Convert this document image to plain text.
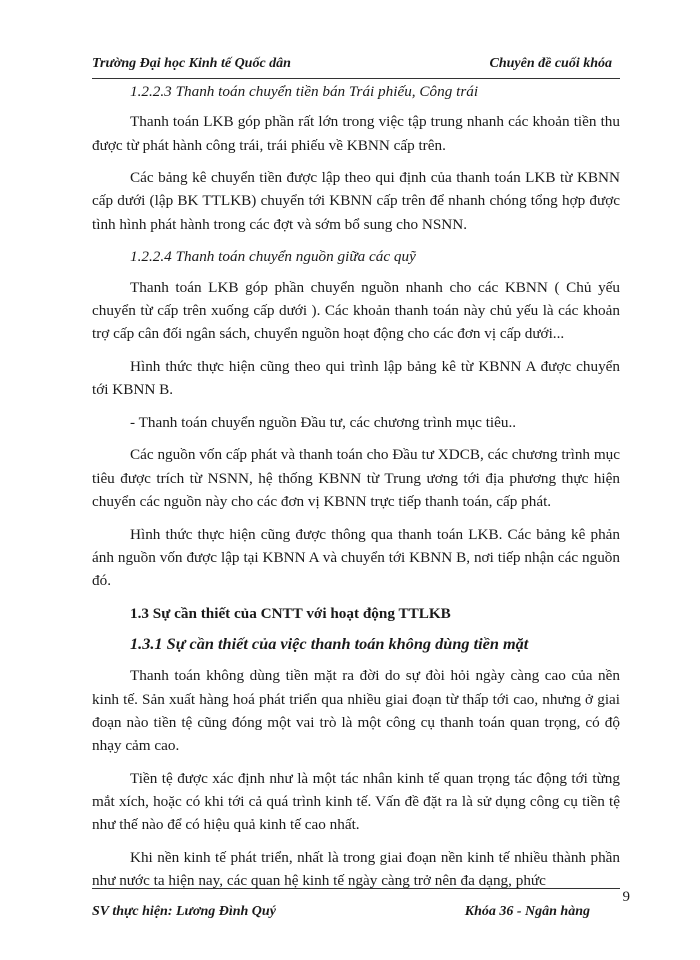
Trường Đại học Kinh tế Quốc dân	Chuyên đề cuối khóa

1.2.2.3 Thanh toán chuyển tiền bán Trái phiếu, Công trái

Thanh toán LKB góp phần rất lớn trong việc tập trung nhanh các khoản tiền thu được từ phát hành công trái, trái phiếu về KBNN cấp trên.

Các bảng kê chuyển tiền được lập theo qui định của thanh toán LKB từ KBNN cấp dưới (lập BK TTLKB) chuyển tới KBNN cấp trên để nhanh chóng tổng hợp được tình hình phát hành trong các đợt và sớm bổ sung cho NSNN.

1.2.2.4 Thanh toán chuyển nguồn giữa các quỹ

Thanh toán LKB góp phần chuyển nguồn nhanh cho các KBNN ( Chủ yếu chuyển từ cấp trên xuống cấp dưới ). Các khoản thanh toán này chủ yếu là các khoản trợ cấp cân đối ngân sách, chuyển nguồn hoạt động cho các đơn vị cấp dưới...

Hình thức thực hiện cũng theo qui trình lập bảng kê từ KBNN A được chuyển tới KBNN B.

- Thanh toán chuyển nguồn Đầu tư, các chương trình mục tiêu..

Các nguồn vốn cấp phát và thanh toán cho Đầu tư XDCB, các chương trình mục tiêu được trích từ NSNN, hệ thống KBNN từ Trung ương tới địa phương thực hiện chuyển các nguồn này cho các đơn vị KBNN trực tiếp thanh toán, cấp phát.

Hình thức thực hiện cũng được thông qua thanh toán LKB. Các bảng kê phản ánh nguồn vốn được lập tại KBNN A và chuyển tới KBNN B, nơi tiếp nhận các nguồn đó.

1.3 Sự cần thiết của CNTT với hoạt động TTLKB

1.3.1 Sự cần thiết của việc thanh toán không dùng tiền mặt

Thanh toán không dùng tiền mặt ra đời do sự đòi hỏi ngày càng cao của nền kinh tế. Sản xuất hàng hoá phát triển qua nhiều giai đoạn từ thấp tới cao, nhưng ở giai đoạn nào tiền tệ cũng đóng một vai trò là một công cụ thanh toán quan trọng, có độ nhạy cảm cao.

Tiền tệ được xác định như là một tác nhân kinh tế quan trọng tác động tới từng mắt xích, hoặc có khi tới cả quá trình kinh tế. Vấn đề đặt ra là sử dụng công cụ tiền tệ như thế nào để có hiệu quả kinh tế cao nhất.

Khi nền kinh tế phát triển, nhất là trong giai đoạn nền kinh tế nhiều thành phần như nước ta hiện nay, các quan hệ kinh tế ngày càng trở nên đa dạng, phức

9
SV thực hiện: Lương Đình Quý	Khóa 36 - Ngân hàng
